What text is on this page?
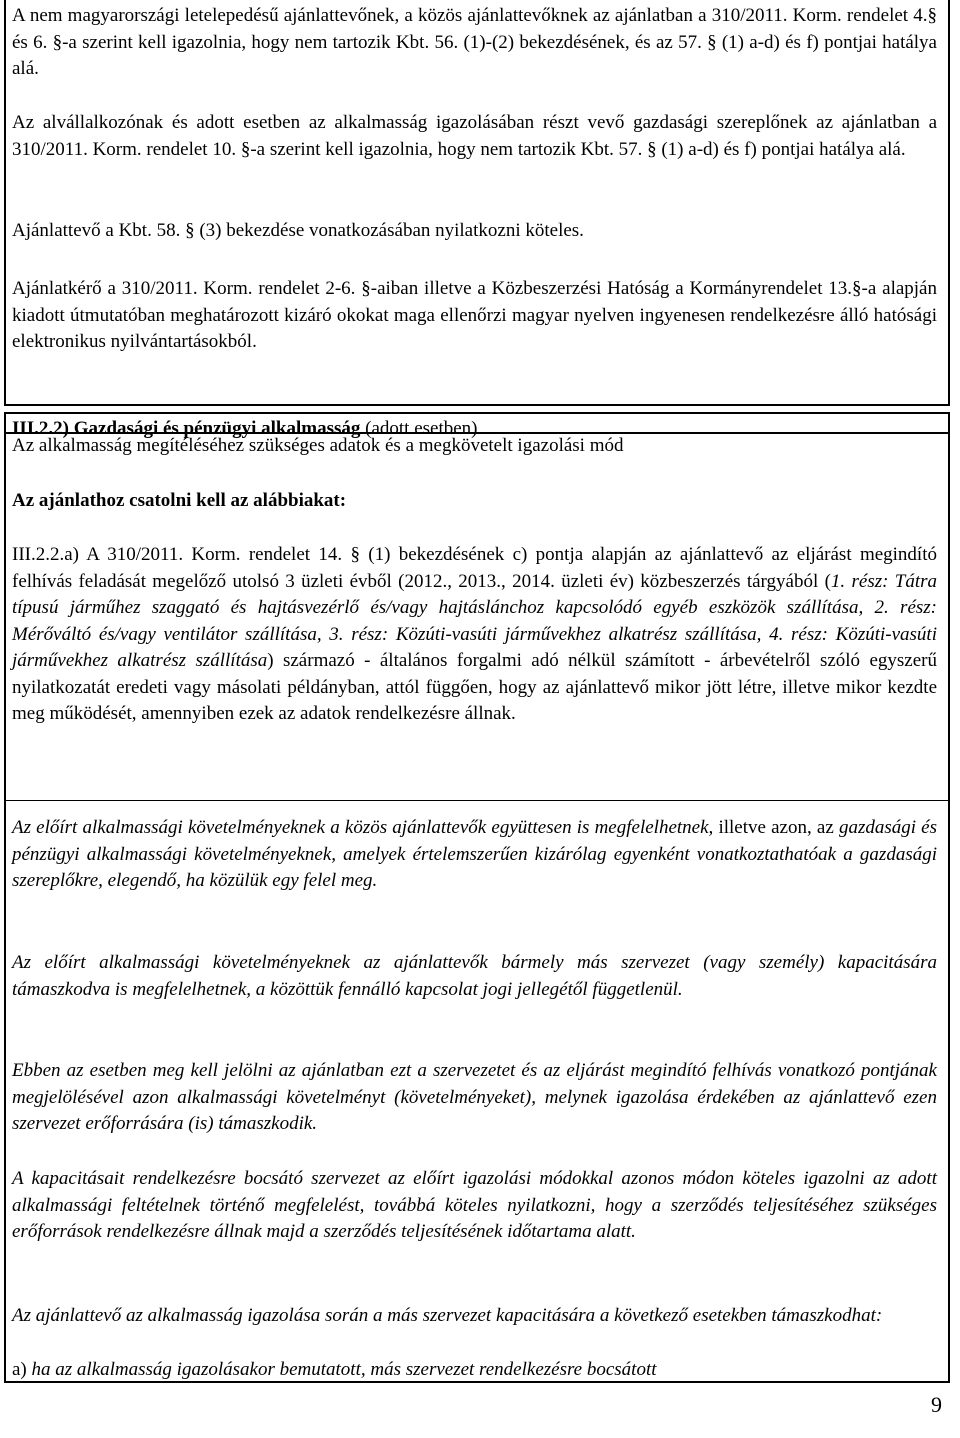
A nem magyarországi letelepedésű ajánlattevőnek, a közös ajánlattevőknek az ajánlatban a 310/2011. Korm. rendelet 4.§ és 6. §-a szerint kell igazolnia, hogy nem tartozik Kbt. 56. (1)-(2) bekezdésének, és az 57. § (1) a-d) és f) pontjai hatálya alá.

Az alvállalkozónak és adott esetben az alkalmasság igazolásában részt vevő gazdasági szereplőnek az ajánlatban a 310/2011. Korm. rendelet 10. §-a szerint kell igazolnia, hogy nem tartozik Kbt. 57. § (1) a-d) és f) pontjai hatálya alá.

Ajánlattevő a Kbt. 58. § (3) bekezdése vonatkozásában nyilatkozni köteles.

Ajánlatkérő a 310/2011. Korm. rendelet 2-6. §-aiban illetve a Közbeszerzési Hatóság a Kormányrendelet 13.§-a alapján kiadott útmutatóban meghatározott kizáró okokat maga ellenőrzi magyar nyelven ingyenesen rendelkezésre álló hatósági elektronikus nyilvántartásokból.

III.2.2) Gazdasági és pénzügyi alkalmasság (adott esetben)

Az alkalmasság megítéléséhez szükséges adatok és a megkövetelt igazolási mód

Az ajánlathoz csatolni kell az alábbiakat:

III.2.2.a) A 310/2011. Korm. rendelet 14. § (1) bekezdésének c) pontja alapján az ajánlattevő az eljárást megindító felhívás feladását megelőző utolsó 3 üzleti évből (2012., 2013., 2014. üzleti év) közbeszerzés tárgyából (1. rész: Tátra típusú járműhez szaggató és hajtásvezérlő és/vagy hajtáslánchoz kapcsolódó egyéb eszközök szállítása, 2. rész: Mérőváltó és/vagy ventilátor szállítása, 3. rész: Közúti-vasúti járművekhez alkatrész szállítása, 4. rész: Közúti-vasúti járművekhez alkatrész szállítása) származó - általános forgalmi adó nélkül számított - árbevételről szóló egyszerű nyilatkozatát eredeti vagy másolati példányban, attól függően, hogy az ajánlattevő mikor jött létre, illetve mikor kezdte meg működését, amennyiben ezek az adatok rendelkezésre állnak.

Az előírt alkalmassági követelményeknek a közös ajánlattevők együttesen is megfelelhetnek, illetve azon, az gazdasági és pénzügyi alkalmassági követelményeknek, amelyek értelemszerűen kizárólag egyenként vonatkoztathatóak a gazdasági szereplőkre, elegendő, ha közülük egy felel meg.

Az előírt alkalmassági követelményeknek az ajánlattevők bármely más szervezet (vagy személy) kapacitására támaszkodva is megfelelhetnek, a közöttük fennálló kapcsolat jogi jellegétől függetlenül.

Ebben az esetben meg kell jelölni az ajánlatban ezt a szervezetet és az eljárást megindító felhívás vonatkozó pontjának megjelölésével azon alkalmassági követelményt (követelményeket), melynek igazolása érdekében az ajánlattevő ezen szervezet erőforrására (is) támaszkodik.

A kapacitásait rendelkezésre bocsátó szervezet az előírt igazolási módokkal azonos módon köteles igazolni az adott alkalmassági feltételnek történő megfelelést, továbbá köteles nyilatkozni, hogy a szerződés teljesítéséhez szükséges erőforrások rendelkezésre állnak majd a szerződés teljesítésének időtartama alatt.

Az ajánlattevő az alkalmasság igazolása során a más szervezet kapacitására a következő esetekben támaszkodhat:

a) ha az alkalmasság igazolásakor bemutatott, más szervezet rendelkezésre bocsátott

9
